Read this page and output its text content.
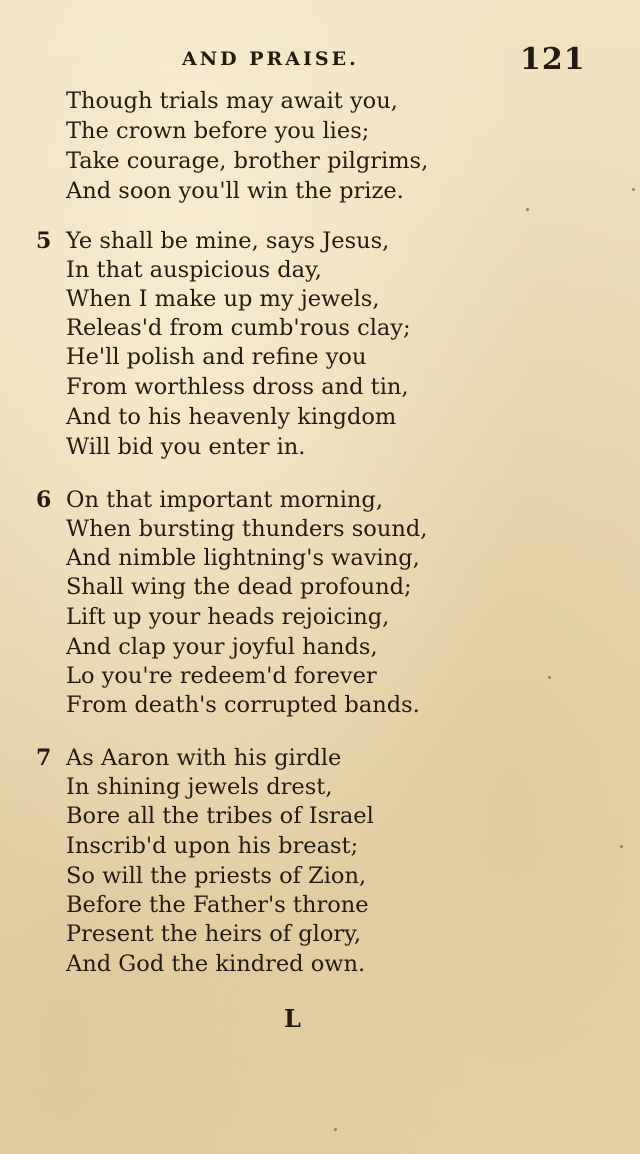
AND PRAISE.	121
Though trials may await you,
The crown before you lies;
Take courage, brother pilgrims,
And soon you'll win the prize.
5 Ye shall be mine, says Jesus,
In that auspicious day,
When I make up my jewels,
Releas'd from cumb'rous clay;
He'll polish and refine you
From worthless dross and tin,
And to his heavenly kingdom
Will bid you enter in.
6 On that important morning,
When bursting thunders sound,
And nimble lightning's waving,
Shall wing the dead profound;
Lift up your heads rejoicing,
And clap your joyful hands,
Lo you're redeem'd forever
From death's corrupted bands.
7 As Aaron with his girdle
In shining jewels drest,
Bore all the tribes of Israel
Inscrib'd upon his breast;
So will the priests of Zion,
Before the Father's throne
Present the heirs of glory,
And God the kindred own.
L
